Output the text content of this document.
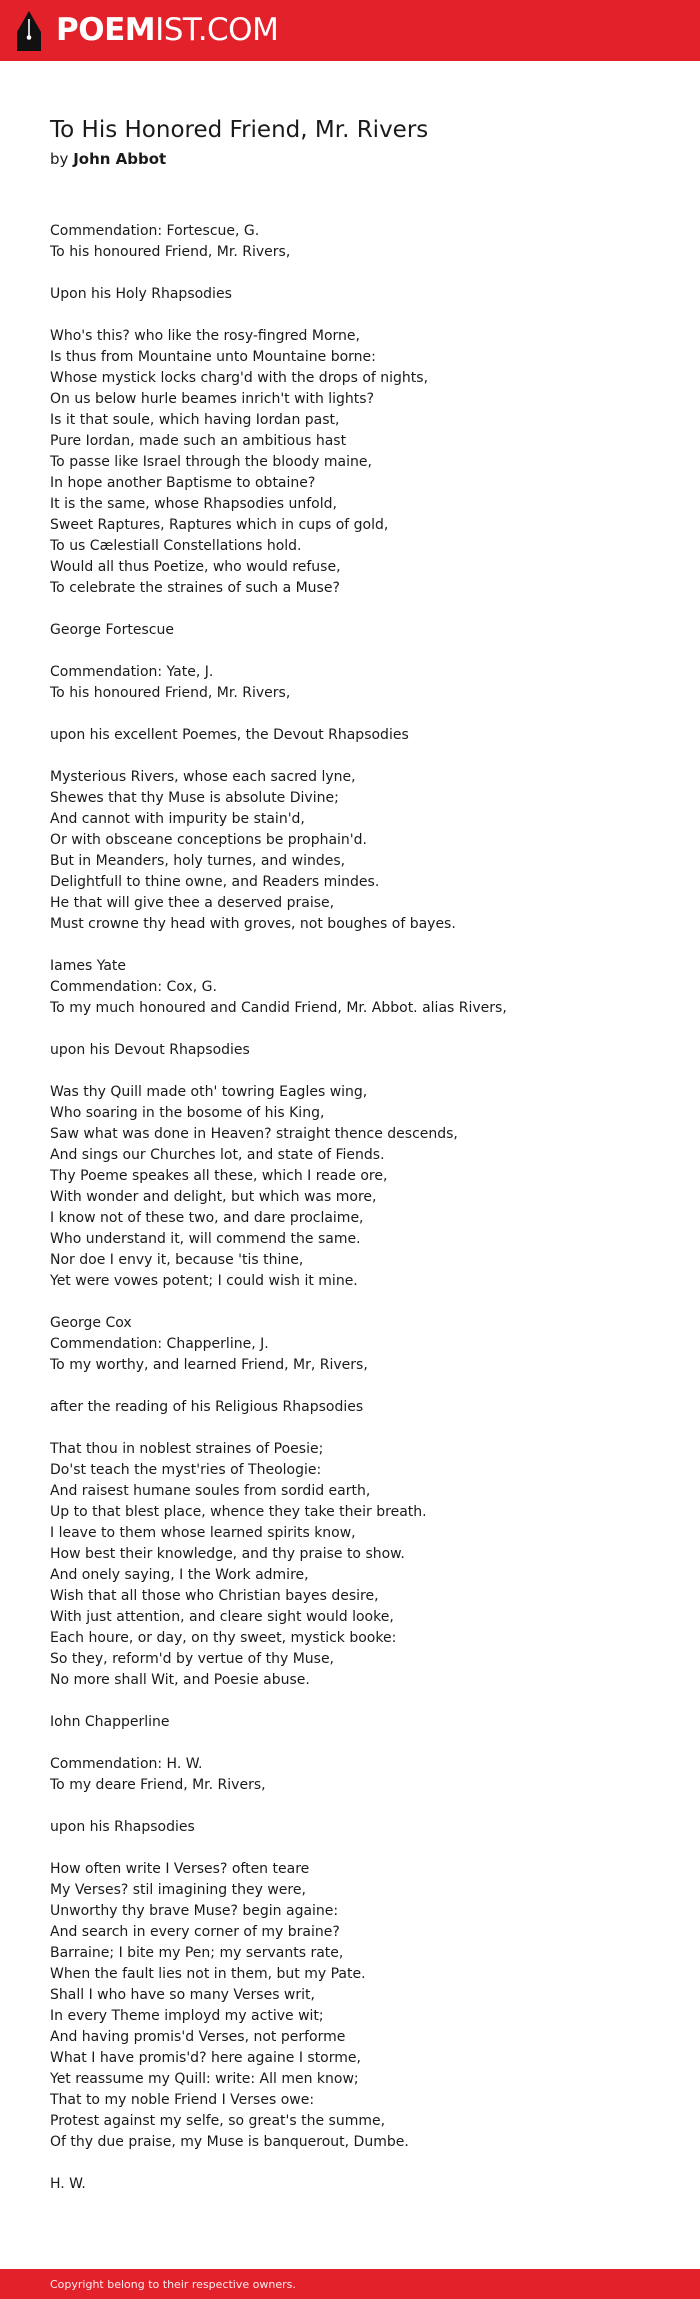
POEMIST.COM
To His Honored Friend, Mr. Rivers

by John Abbot

Commendation: Fortescue, G.
To his honoured Friend, Mr. Rivers,
Upon his Holy Rhapsodies
Who's this? who like the rosy-fingred Morne,
Is thus from Mountaine unto Mountaine borne:
Whose mystick locks charg'd with the drops of nights,
On us below hurle beames inrich't with lights?
Is it that soule, which having Iordan past,
Pure Iordan, made such an ambitious hast
To passe like Israel through the bloody maine,
In hope another Baptisme to obtaine?
It is the same, whose Rhapsodies unfold,
Sweet Raptures, Raptures which in cups of gold,
To us Cælestiall Constellations hold.
Would all thus Poetize, who would refuse,
To celebrate the straines of such a Muse?
George Fortescue
Commendation: Yate, J.
To his honoured Friend, Mr. Rivers,
upon his excellent Poemes, the Devout Rhapsodies
Mysterious Rivers, whose each sacred lyne,
Shewes that thy Muse is absolute Divine;
And cannot with impurity be stain'd,
Or with obsceane conceptions be prophain'd.
But in Meanders, holy turnes, and windes,
Delightfull to thine owne, and Readers mindes.
He that will give thee a deserved praise,
Must crowne thy head with groves, not boughes of bayes.
Iames Yate
Commendation: Cox, G.
To my much honoured and Candid Friend, Mr. Abbot. alias Rivers,
upon his Devout Rhapsodies
Was thy Quill made oth' towring Eagles wing,
Who soaring in the bosome of his King,
Saw what was done in Heaven? straight thence descends,
And sings our Churches lot, and state of Fiends.
Thy Poeme speakes all these, which I reade ore,
With wonder and delight, but which was more,
I know not of these two, and dare proclaime,
Who understand it, will commend the same.
Nor doe I envy it, because 'tis thine,
Yet were vowes potent; I could wish it mine.
George Cox
Commendation: Chapperline, J.
To my worthy, and learned Friend, Mr, Rivers,
after the reading of his Religious Rhapsodies
That thou in noblest straines of Poesie;
Do'st teach the myst'ries of Theologie:
And raisest humane soules from sordid earth,
Up to that blest place, whence they take their breath.
I leave to them whose learned spirits know,
How best their knowledge, and thy praise to show.
And onely saying, I the Work admire,
Wish that all those who Christian bayes desire,
With just attention, and cleare sight would looke,
Each houre, or day, on thy sweet, mystick booke:
So they, reform'd by vertue of thy Muse,
No more shall Wit, and Poesie abuse.
Iohn Chapperline
Commendation: H. W.
To my deare Friend, Mr. Rivers,
upon his Rhapsodies
How often write I Verses? often teare
My Verses? stil imagining they were,
Unworthy thy brave Muse? begin againe:
And search in every corner of my braine?
Barraine; I bite my Pen; my servants rate,
When the fault lies not in them, but my Pate.
Shall I who have so many Verses writ,
In every Theme imployd my active wit;
And having promis'd Verses, not performe
What I have promis'd? here againe I storme,
Yet reassume my Quill: write: All men know;
That to my noble Friend I Verses owe:
Protest against my selfe, so great's the summe,
Of thy due praise, my Muse is banquerout, Dumbe.
H. W.
Copyright belong to their respective owners.
